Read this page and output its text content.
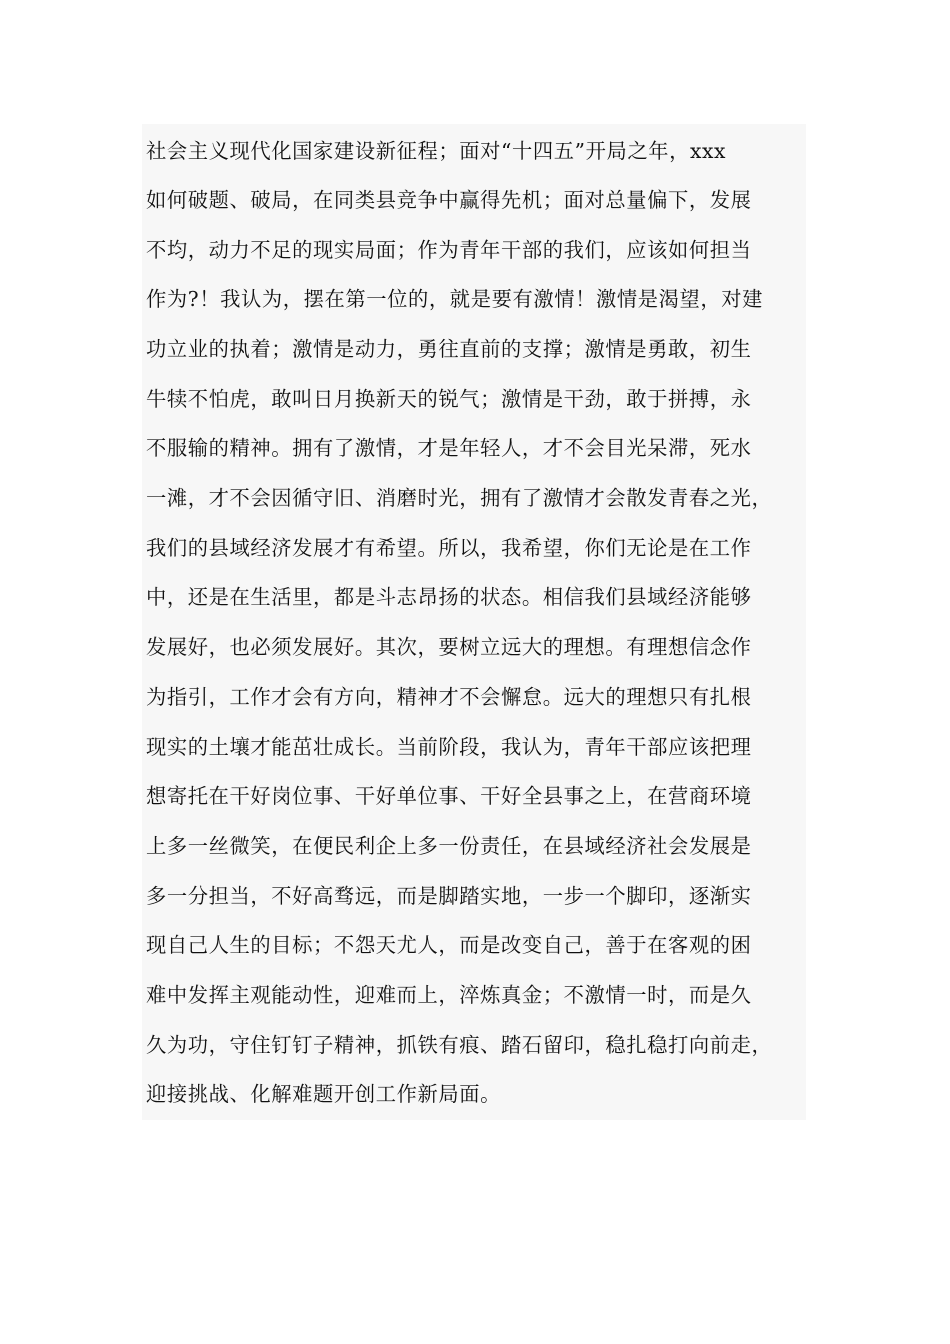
社会主义现代化国家建设新征程；面对“十四五”开局之年，xxx
如何破题、破局，在同类县竞争中赢得先机；面对总量偏下，发展
不均，动力不足的现实局面；作为青年干部的我们，应该如何担当
作为?！我认为，摆在第一位的，就是要有激情！激情是渴望，对建
功立业的执着；激情是动力，勇往直前的支撑；激情是勇敢，初生
牛犊不怕虎，敢叫日月换新天的锐气；激情是干劲，敢于拼搏，永
不服输的精神。拥有了激情，才是年轻人，才不会目光呆滞，死水
一滩，才不会因循守旧、消磨时光，拥有了激情才会散发青春之光，
我们的县域经济发展才有希望。所以，我希望，你们无论是在工作
中，还是在生活里，都是斗志昂扬的状态。相信我们县域经济能够
发展好，也必须发展好。其次，要树立远大的理想。有理想信念作
为指引，工作才会有方向，精神才不会懈怠。远大的理想只有扎根
现实的土壤才能茁壮成长。当前阶段，我认为，青年干部应该把理
想寄托在干好岗位事、干好单位事、干好全县事之上，在营商环境
上多一丝微笑，在便民利企上多一份责任，在县域经济社会发展是
多一分担当，不好高骛远，而是脚踏实地，一步一个脚印，逐渐实
现自己人生的目标；不怨天尤人，而是改变自己，善于在客观的困
难中发挥主观能动性，迎难而上，淬炼真金；不激情一时，而是久
久为功，守住钉钉子精神，抓铁有痕、踏石留印，稳扎稳打向前走，
迎接挑战、化解难题开创工作新局面。
